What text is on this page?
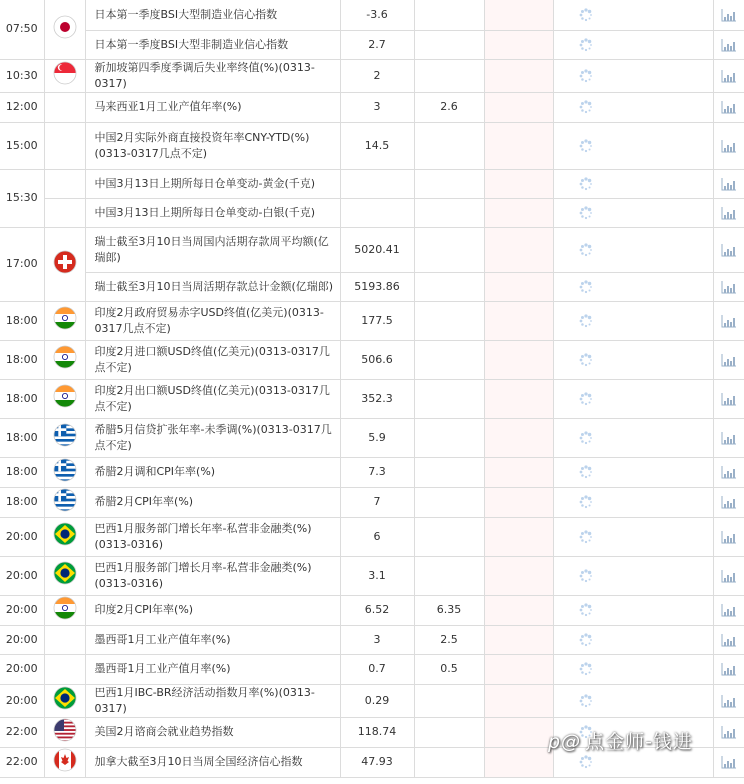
07:50		日本第一季度BSI大型制造业信心指数	-3.6				
		日本第一季度BSI大型非制造业信心指数	2.7				
10:30		新加坡第四季度季调后失业率终值(%)(0313-0317)	2				
12:00		马来西亚1月工业产值年率(%)	3	2.6			
15:00		中国2月实际外商直接投资年率CNY-YTD(%)(0313-0317几点不定)	14.5				
15:30		中国3月13日上期所每日仓单变动-黄金(千克)					
		中国3月13日上期所每日仓单变动-白银(千克)					
17:00		瑞士截至3月10日当周国内活期存款周平均额(亿瑞郎)	5020.41				
		瑞士截至3月10日当周活期存款总计金额(亿瑞郎)	5193.86				
18:00		印度2月政府贸易赤字USD终值(亿美元)(0313-0317几点不定)	177.5				
18:00		印度2月进口额USD终值(亿美元)(0313-0317几点不定)	506.6				
18:00		印度2月出口额USD终值(亿美元)(0313-0317几点不定)	352.3				
18:00		希腊5月信贷扩张年率-未季调(%)(0313-0317几点不定)	5.9				
18:00		希腊2月调和CPI年率(%)	7.3				
18:00		希腊2月CPI年率(%)	7				
20:00		巴西1月服务部门增长年率-私营非金融类(%)(0313-0316)	6				
20:00		巴西1月服务部门增长月率-私营非金融类(%)(0313-0316)	3.1				
20:00		印度2月CPI年率(%)	6.52	6.35			
20:00		墨西哥1月工业产值年率(%)	3	2.5			
20:00		墨西哥1月工业产值月率(%)	0.7	0.5			
20:00		巴西1月IBC-BR经济活动指数月率(%)(0313-0317)	0.29				
22:00		美国2月谘商会就业趋势指数	118.74				
22:00		加拿大截至3月10日当周全国经济信心指数	47.93				
p@ 点金师-钱进
